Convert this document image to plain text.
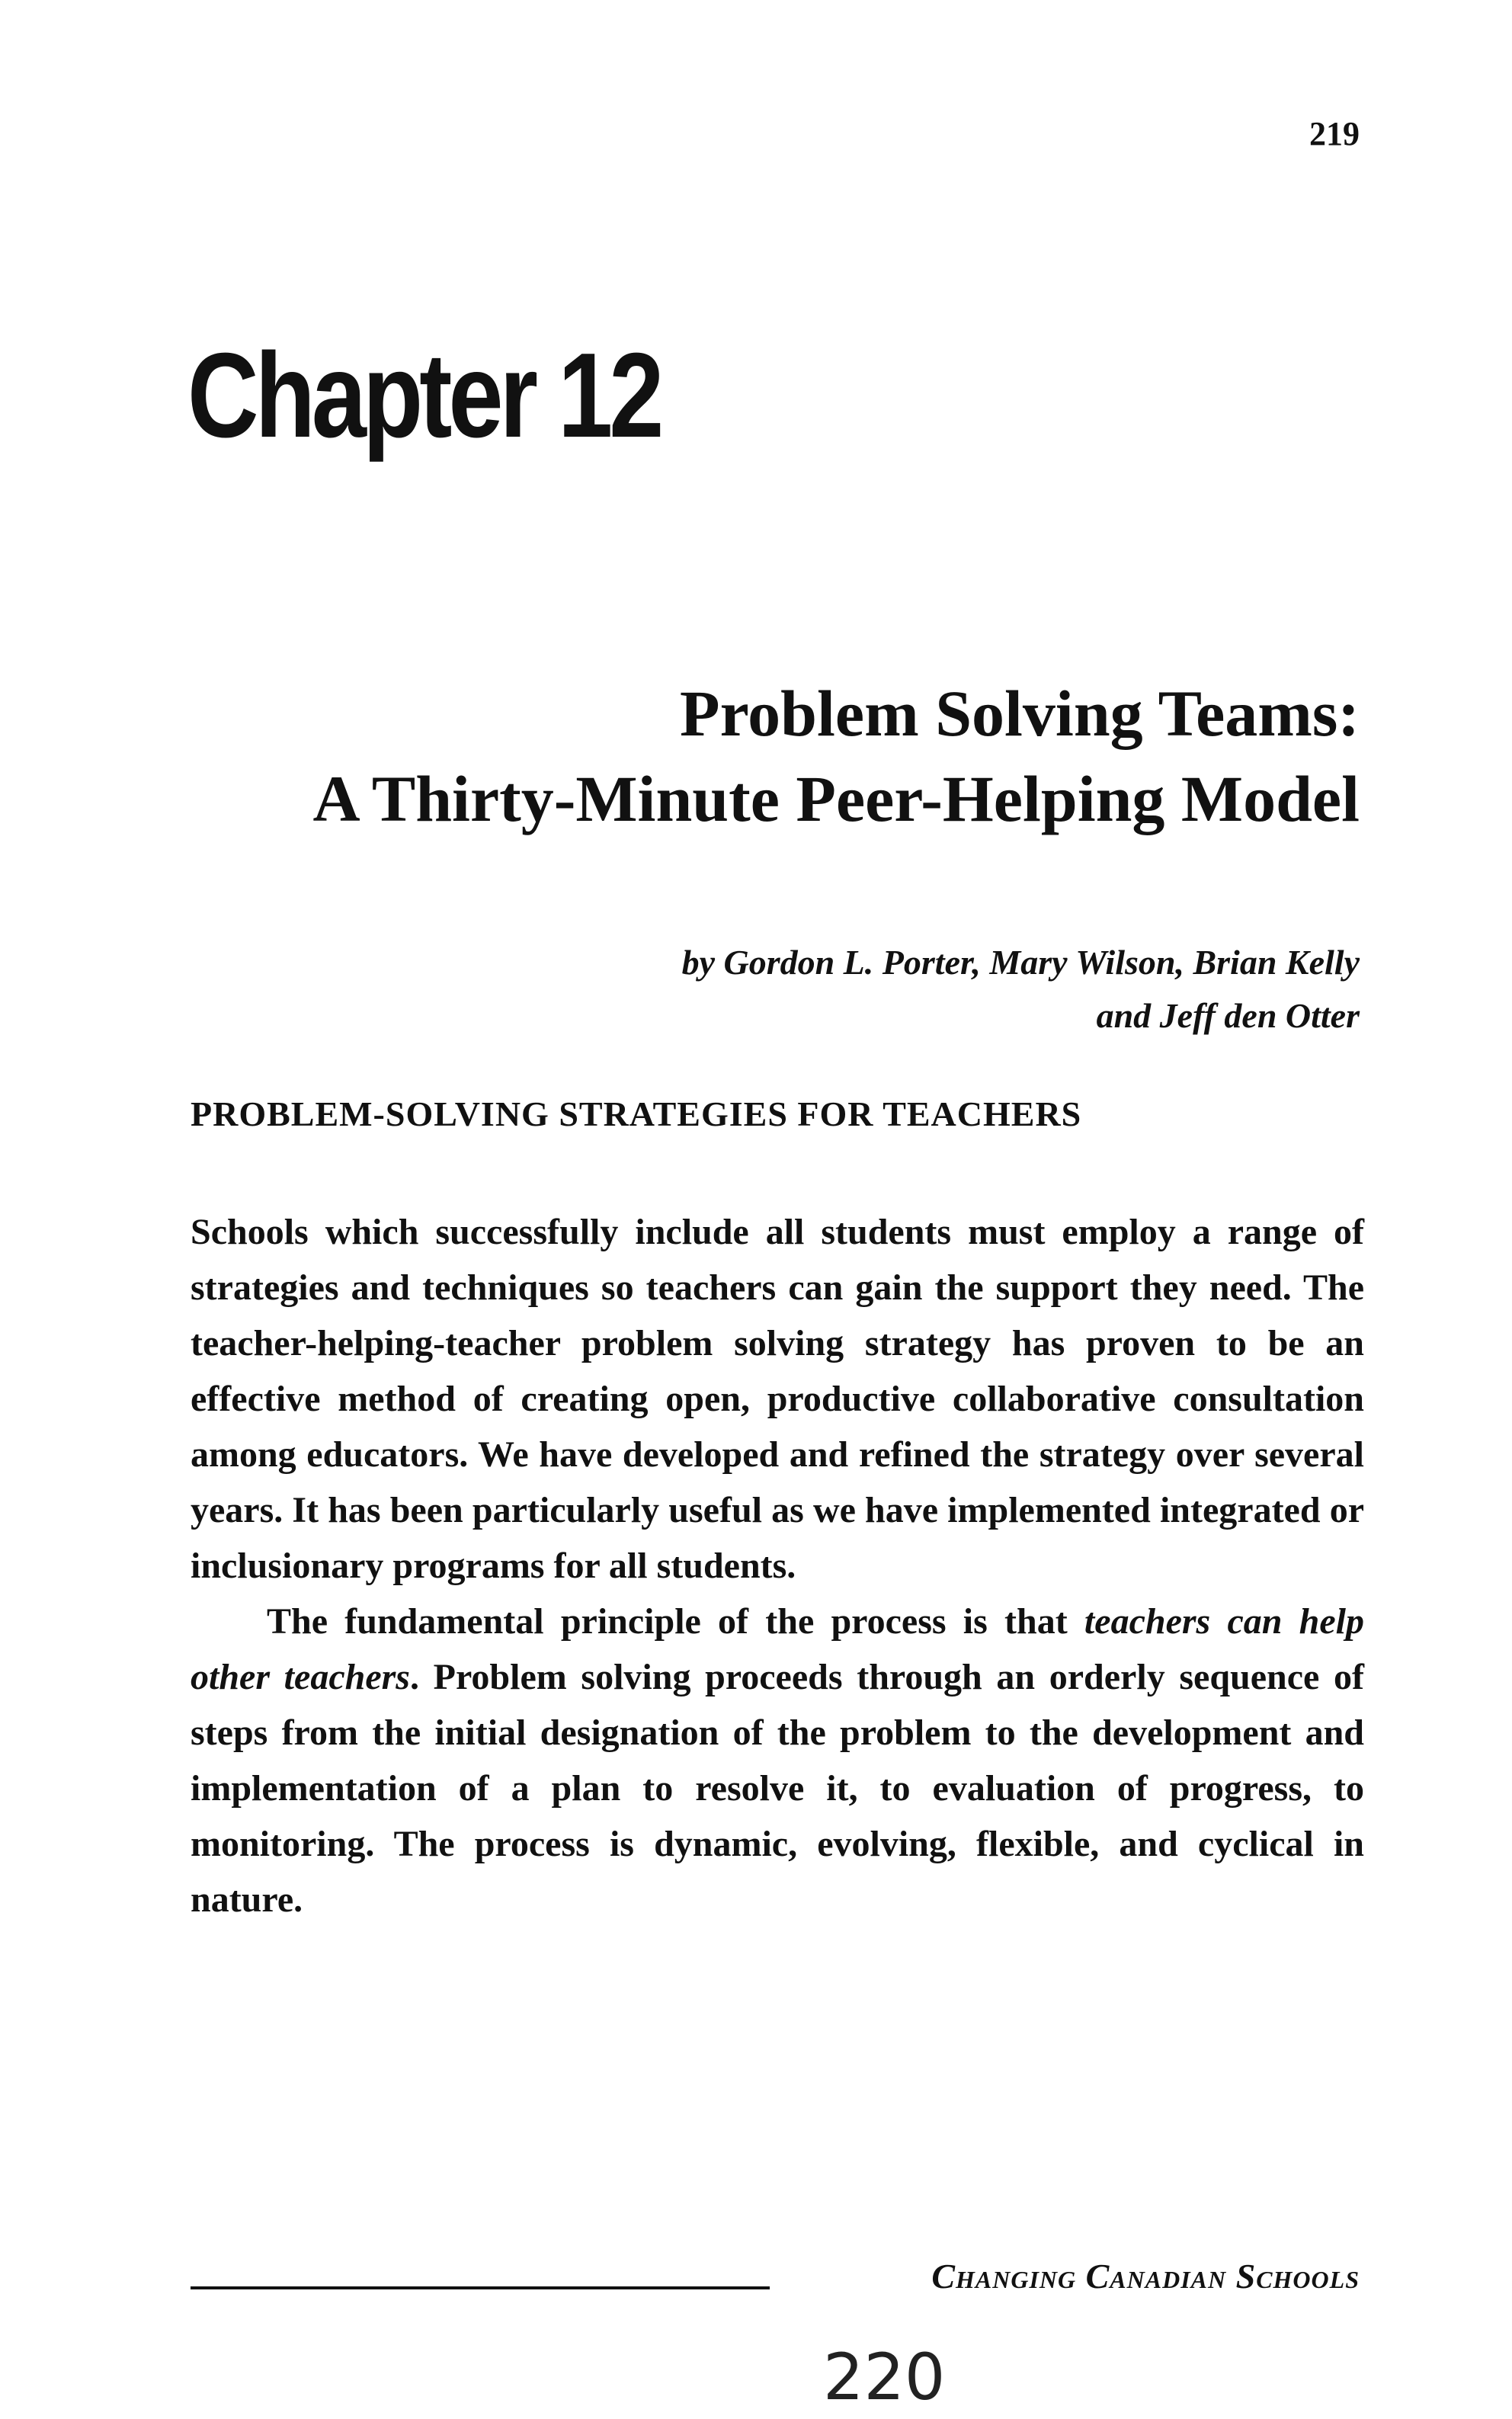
219
Chapter 12
Problem Solving Teams:
A Thirty-Minute Peer-Helping Model
by Gordon L. Porter, Mary Wilson, Brian Kelly
and Jeff den Otter
PROBLEM-SOLVING STRATEGIES FOR TEACHERS

Schools which successfully include all students must employ a range of strategies and techniques so teachers can gain the support they need. The teacher-helping-teacher problem solving strategy has proven to be an effective method of creating open, productive collaborative consultation among educators. We have developed and refined the strategy over several years. It has been particularly useful as we have implemented integrated or inclusionary programs for all students.

The fundamental principle of the process is that teachers can help other teachers. Problem solving proceeds through an orderly sequence of steps from the initial designation of the problem to the development and implementation of a plan to resolve it, to evaluation of progress, to monitoring. The process is dynamic, evolving, flexible, and cyclical in nature.

Changing Canadian Schools
220
